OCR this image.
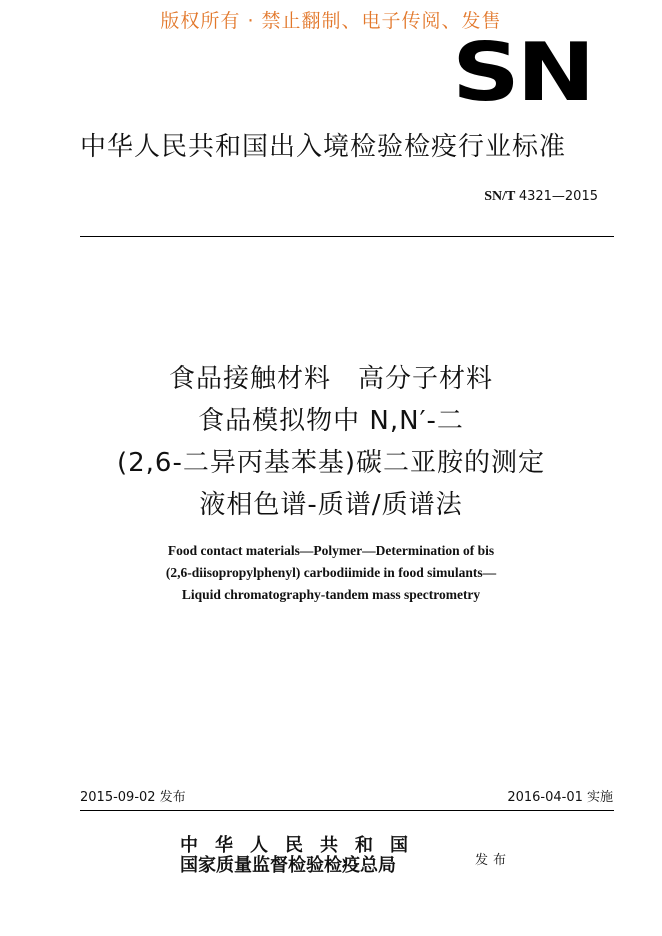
版权所有 · 禁止翻制、电子传阅、发售
SN
中华人民共和国出入境检验检疫行业标准
SN/T 4321—2015
食品接触材料　高分子材料
食品模拟物中 N,N′-二
(2,6-二异丙基苯基)碳二亚胺的测定
液相色谱-质谱/质谱法
Food contact materials—Polymer—Determination of bis
(2,6-diisopropylphenyl) carbodiimide in food simulants—
Liquid chromatography-tandem mass spectrometry
2015-09-02 发布	2016-04-01 实施
中华人民共和国
国家质量监督检验检疫总局	发布
